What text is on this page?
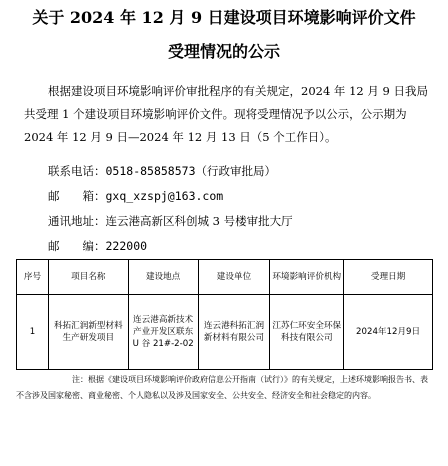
关于 2024 年 12 月 9 日建设项目环境影响评价文件
受理情况的公示
根据建设项目环境影响评价审批程序的有关规定，2024 年 12 月 9 日我局共受理 1 个建设项目环境影响评价文件。现将受理情况予以公示，公示期为 2024 年 12 月 9 日—2024 年 12 月 13 日（5 个工作日）。
联系电话：0518-85858573（行政审批局）
邮　　箱：gxq_xzspj@163.com
通讯地址：连云港高新区科创城 3 号楼审批大厅
邮　　编：222000
序号	项目名称	建设地点	建设单位	环境影响评价机构	受理日期
1	科拓汇润新型材料生产研发项目	连云港高新技术产业开发区联东 U 谷 21#-2-02	连云港科拓汇润新材料有限公司	江苏仁环安全环保科技有限公司	2024年12月9日
注：根据《建设项目环境影响评价政府信息公开指南（试行）》的有关规定，上述环境影响报告书、表不含涉及国家秘密、商业秘密、个人隐私以及涉及国家安全、公共安全、经济安全和社会稳定的内容。
